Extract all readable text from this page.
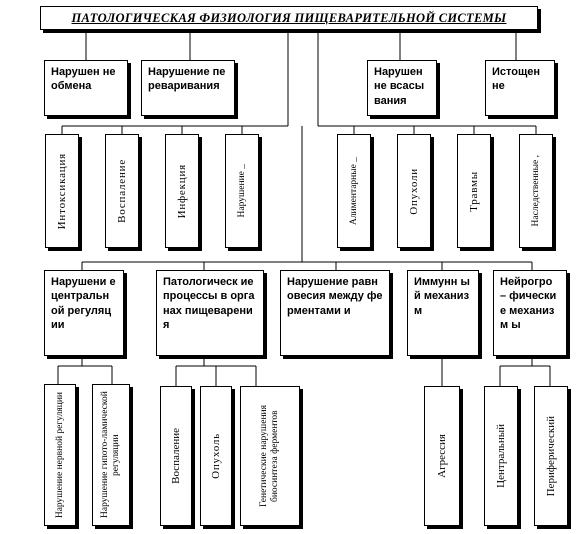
ПАТОЛОГИЧЕСКАЯ ФИЗИОЛОГИЯ ПИЩЕВАРИТЕЛЬНОЙ СИСТЕМЫ
Нарушен не обмена
Нарушение переваривания
Нарушен не всасывания
Истощен не
Интоксикация	Воспаление	Инфекция	Нарушение _	Алиментарные _	Опухоли	Травмы	Наследственные ,
Нарушени е центральн ой регуляции
Патологическ ие процессы в органах пищеварения
Нарушение равновесия между ферментами и
Иммунн ый механиз м
Нейрогро – фические механизм ы
Нарушение нервной регуляции	Нарушение гипото-ламической регуляции	Воспаление	Опухоль	Генетические нарушения биосинтеза ферментов	Агрессия	Центральный	Периферический
